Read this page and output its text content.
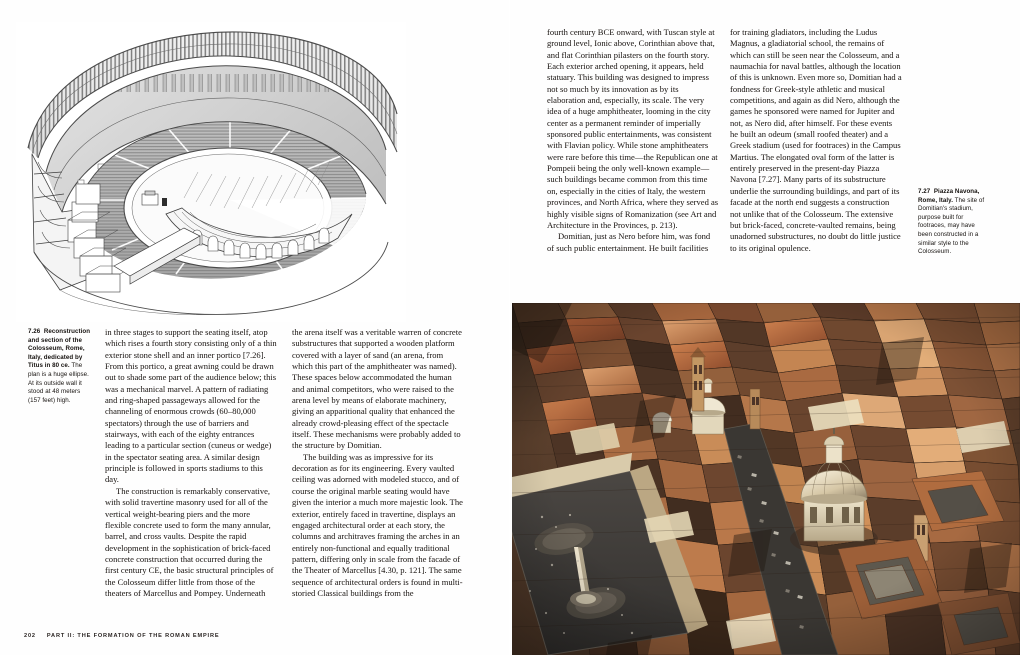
7.26 Reconstruction and section of the Colosseum, Rome, Italy, dedicated by Titus in 80 ce. The plan is a huge ellipse. At its outside wall it stood at 48 meters (157 feet) high.

in three stages to support the seating itself, atop which rises a fourth story consisting only of a thin exterior stone shell and an inner portico [7.26]. From this portico, a great awning could be drawn out to shade some part of the audience below; this was a mechanical marvel. A pattern of radiating and ring-shaped passageways allowed for the channeling of enormous crowds (60–80,000 spectators) through the use of barriers and stairways, with each of the eighty entrances leading to a particular section (cuneus or wedge) in the spectator seating area. A similar design principle is followed in sports stadiums to this day.

The construction is remarkably conservative, with solid travertine masonry used for all of the vertical weight-bearing piers and the more flexible concrete used to form the many annular, barrel, and cross vaults. Despite the rapid development in the sophistication of brick-faced concrete construction that occurred during the first century CE, the basic structural principles of the Colosseum differ little from those of the theaters of Marcellus and Pompey. Underneath

the arena itself was a veritable warren of concrete substructures that supported a wooden platform covered with a layer of sand (an arena, from which this part of the amphitheater was named). These spaces below accommodated the human and animal competitors, who were raised to the arena level by means of elaborate machinery, giving an apparitional quality that enhanced the already crowd-pleasing effect of the spectacle itself. These mechanisms were probably added to the structure by Domitian.

The building was as impressive for its decoration as for its engineering. Every vaulted ceiling was adorned with modeled stucco, and of course the original marble seating would have given the interior a much more majestic look. The exterior, entirely faced in travertine, displays an engaged architectural order at each story, the columns and architraves framing the arches in an entirely non-functional and equally traditional pattern, differing only in scale from the facade of the Theater of Marcellus [4.30, p. 121]. The same sequence of architectural orders is found in multi-storied Classical buildings from the

fourth century BCE onward, with Tuscan style at ground level, Ionic above, Corinthian above that, and flat Corinthian pilasters on the fourth story. Each exterior arched opening, it appears, held statuary. This building was designed to impress not so much by its innovation as by its elaboration and, especially, its scale. The very idea of a huge amphitheater, looming in the city center as a permanent reminder of imperially sponsored public entertainments, was consistent with Flavian policy. While stone amphitheaters were rare before this time—the Republican one at Pompeii being the only well-known example—such buildings became common from this time on, especially in the cities of Italy, the western provinces, and North Africa, where they served as highly visible signs of Romanization (see Art and Architecture in the Provinces, p. 213).

Domitian, just as Nero before him, was fond of such public entertainment. He built facilities

for training gladiators, including the Ludus Magnus, a gladiatorial school, the remains of which can still be seen near the Colosseum, and a naumachia for naval battles, although the location of this is unknown. Even more so, Domitian had a fondness for Greek-style athletic and musical competitions, and again as did Nero, although the games he sponsored were named for Jupiter and not, as Nero did, after himself. For these events he built an odeum (small roofed theater) and a Greek stadium (used for footraces) in the Campus Martius. The elongated oval form of the latter is entirely preserved in the present-day Piazza Navona [7.27]. Many parts of its substructure underlie the surrounding buildings, and part of its facade at the north end suggests a construction not unlike that of the Colosseum. The extensive but brick-faced, concrete-vaulted remains, being unadorned substructures, no doubt do little justice to its original opulence.

7.27 Piazza Navona, Rome, Italy. The site of Domitian's stadium, purpose built for footraces, may have been constructed in a similar style to the Colosseum.
202 PART II: THE FORMATION OF THE ROMAN EMPIRE
